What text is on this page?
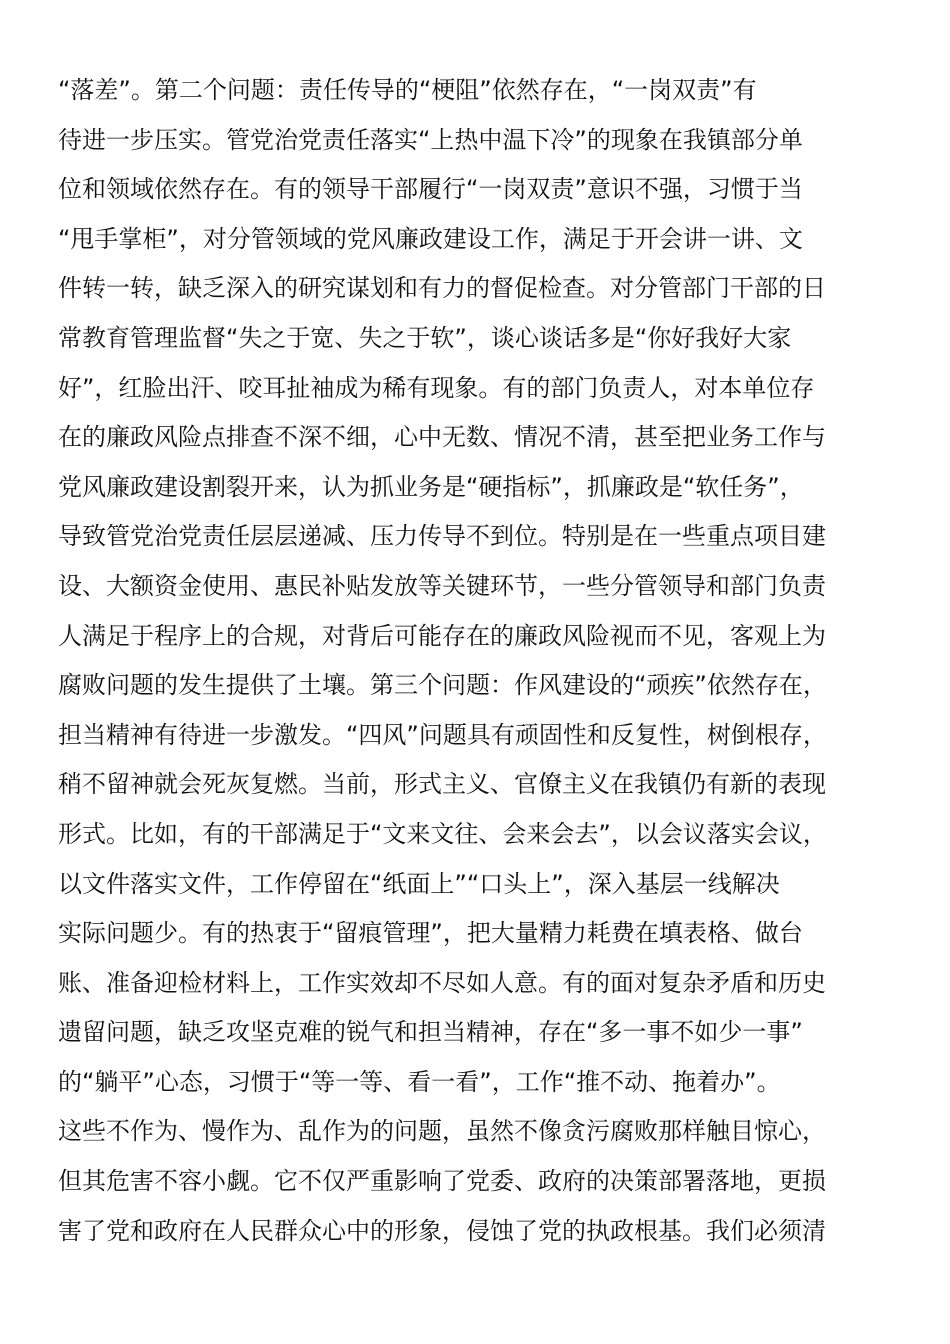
“落差”。第二个问题：责任传导的“梗阻”依然存在，“一岗双责”有
待进一步压实。管党治党责任落实“上热中温下冷”的现象在我镇部分单
位和领域依然存在。有的领导干部履行“一岗双责”意识不强，习惯于当
“甩手掌柜”，对分管领域的党风廉政建设工作，满足于开会讲一讲、文
件转一转，缺乏深入的研究谋划和有力的督促检查。对分管部门干部的日
常教育管理监督“失之于宽、失之于软”，谈心谈话多是“你好我好大家
好”，红脸出汗、咬耳扯袖成为稀有现象。有的部门负责人，对本单位存
在的廉政风险点排查不深不细，心中无数、情况不清，甚至把业务工作与
党风廉政建设割裂开来，认为抓业务是“硬指标”，抓廉政是“软任务”，
导致管党治党责任层层递减、压力传导不到位。特别是在一些重点项目建
设、大额资金使用、惠民补贴发放等关键环节，一些分管领导和部门负责
人满足于程序上的合规，对背后可能存在的廉政风险视而不见，客观上为
腐败问题的发生提供了土壤。第三个问题：作风建设的“顽疾”依然存在，
担当精神有待进一步激发。“四风”问题具有顽固性和反复性，树倒根存，
稍不留神就会死灰复燃。当前，形式主义、官僚主义在我镇仍有新的表现
形式。比如，有的干部满足于“文来文往、会来会去”，以会议落实会议，
以文件落实文件，工作停留在“纸面上”“口头上”，深入基层一线解决
实际问题少。有的热衷于“留痕管理”，把大量精力耗费在填表格、做台
账、准备迎检材料上，工作实效却不尽如人意。有的面对复杂矛盾和历史
遗留问题，缺乏攻坚克难的锐气和担当精神，存在“多一事不如少一事”
的“躺平”心态，习惯于“等一等、看一看”，工作“推不动、拖着办”。
这些不作为、慢作为、乱作为的问题，虽然不像贪污腐败那样触目惊心，
但其危害不容小觑。它不仅严重影响了党委、政府的决策部署落地，更损
害了党和政府在人民群众心中的形象，侵蚀了党的执政根基。我们必须清
